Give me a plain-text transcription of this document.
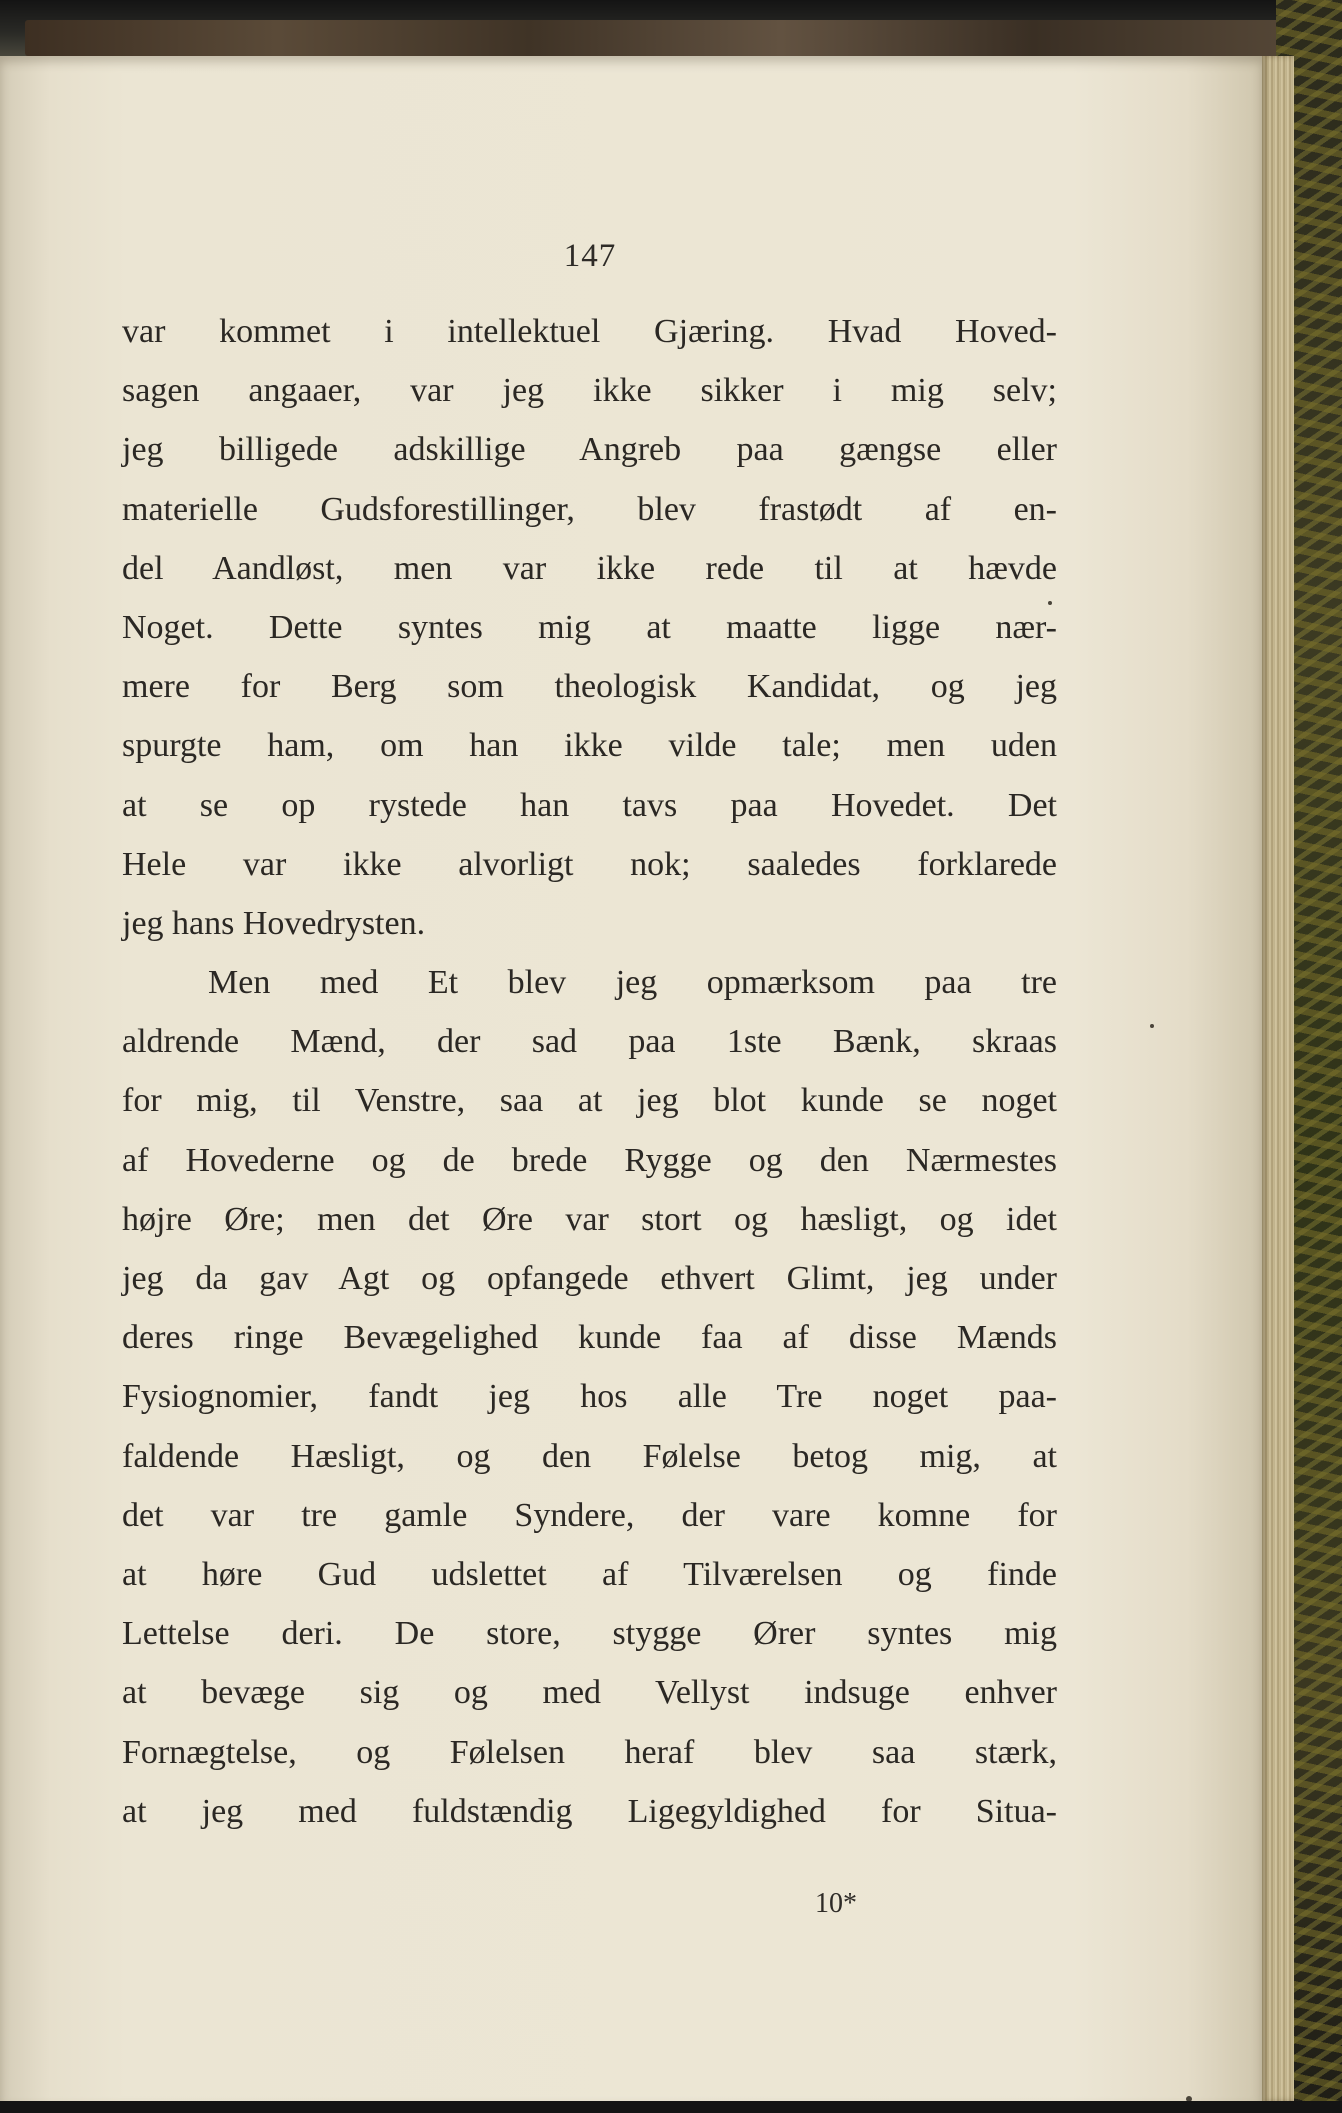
147
var kommet i intellektuel Gjæring. Hvad Hoved-
sagen angaaer, var jeg ikke sikker i mig selv;
jeg billigede adskillige Angreb paa gængse eller
materielle Gudsforestillinger, blev frastødt af en-
del Aandløst, men var ikke rede til at hævde
Noget. Dette syntes mig at maatte ligge nær-
mere for Berg som theologisk Kandidat, og jeg
spurgte ham, om han ikke vilde tale; men uden
at se op rystede han tavs paa Hovedet. Det
Hele var ikke alvorligt nok; saaledes forklarede
jeg hans Hovedrysten.
Men med Et blev jeg opmærksom paa tre
aldrende Mænd, der sad paa 1ste Bænk, skraas
for mig, til Venstre, saa at jeg blot kunde se noget
af Hovederne og de brede Rygge og den Nærmestes
højre Øre; men det Øre var stort og hæsligt, og idet
jeg da gav Agt og opfangede ethvert Glimt, jeg under
deres ringe Bevægelighed kunde faa af disse Mænds
Fysiognomier, fandt jeg hos alle Tre noget paa-
faldende Hæsligt, og den Følelse betog mig, at
det var tre gamle Syndere, der vare komne for
at høre Gud udslettet af Tilværelsen og finde
Lettelse deri. De store, stygge Ører syntes mig
at bevæge sig og med Vellyst indsuge enhver
Fornægtelse, og Følelsen heraf blev saa stærk,
at jeg med fuldstændig Ligegyldighed for Situa-
10*
